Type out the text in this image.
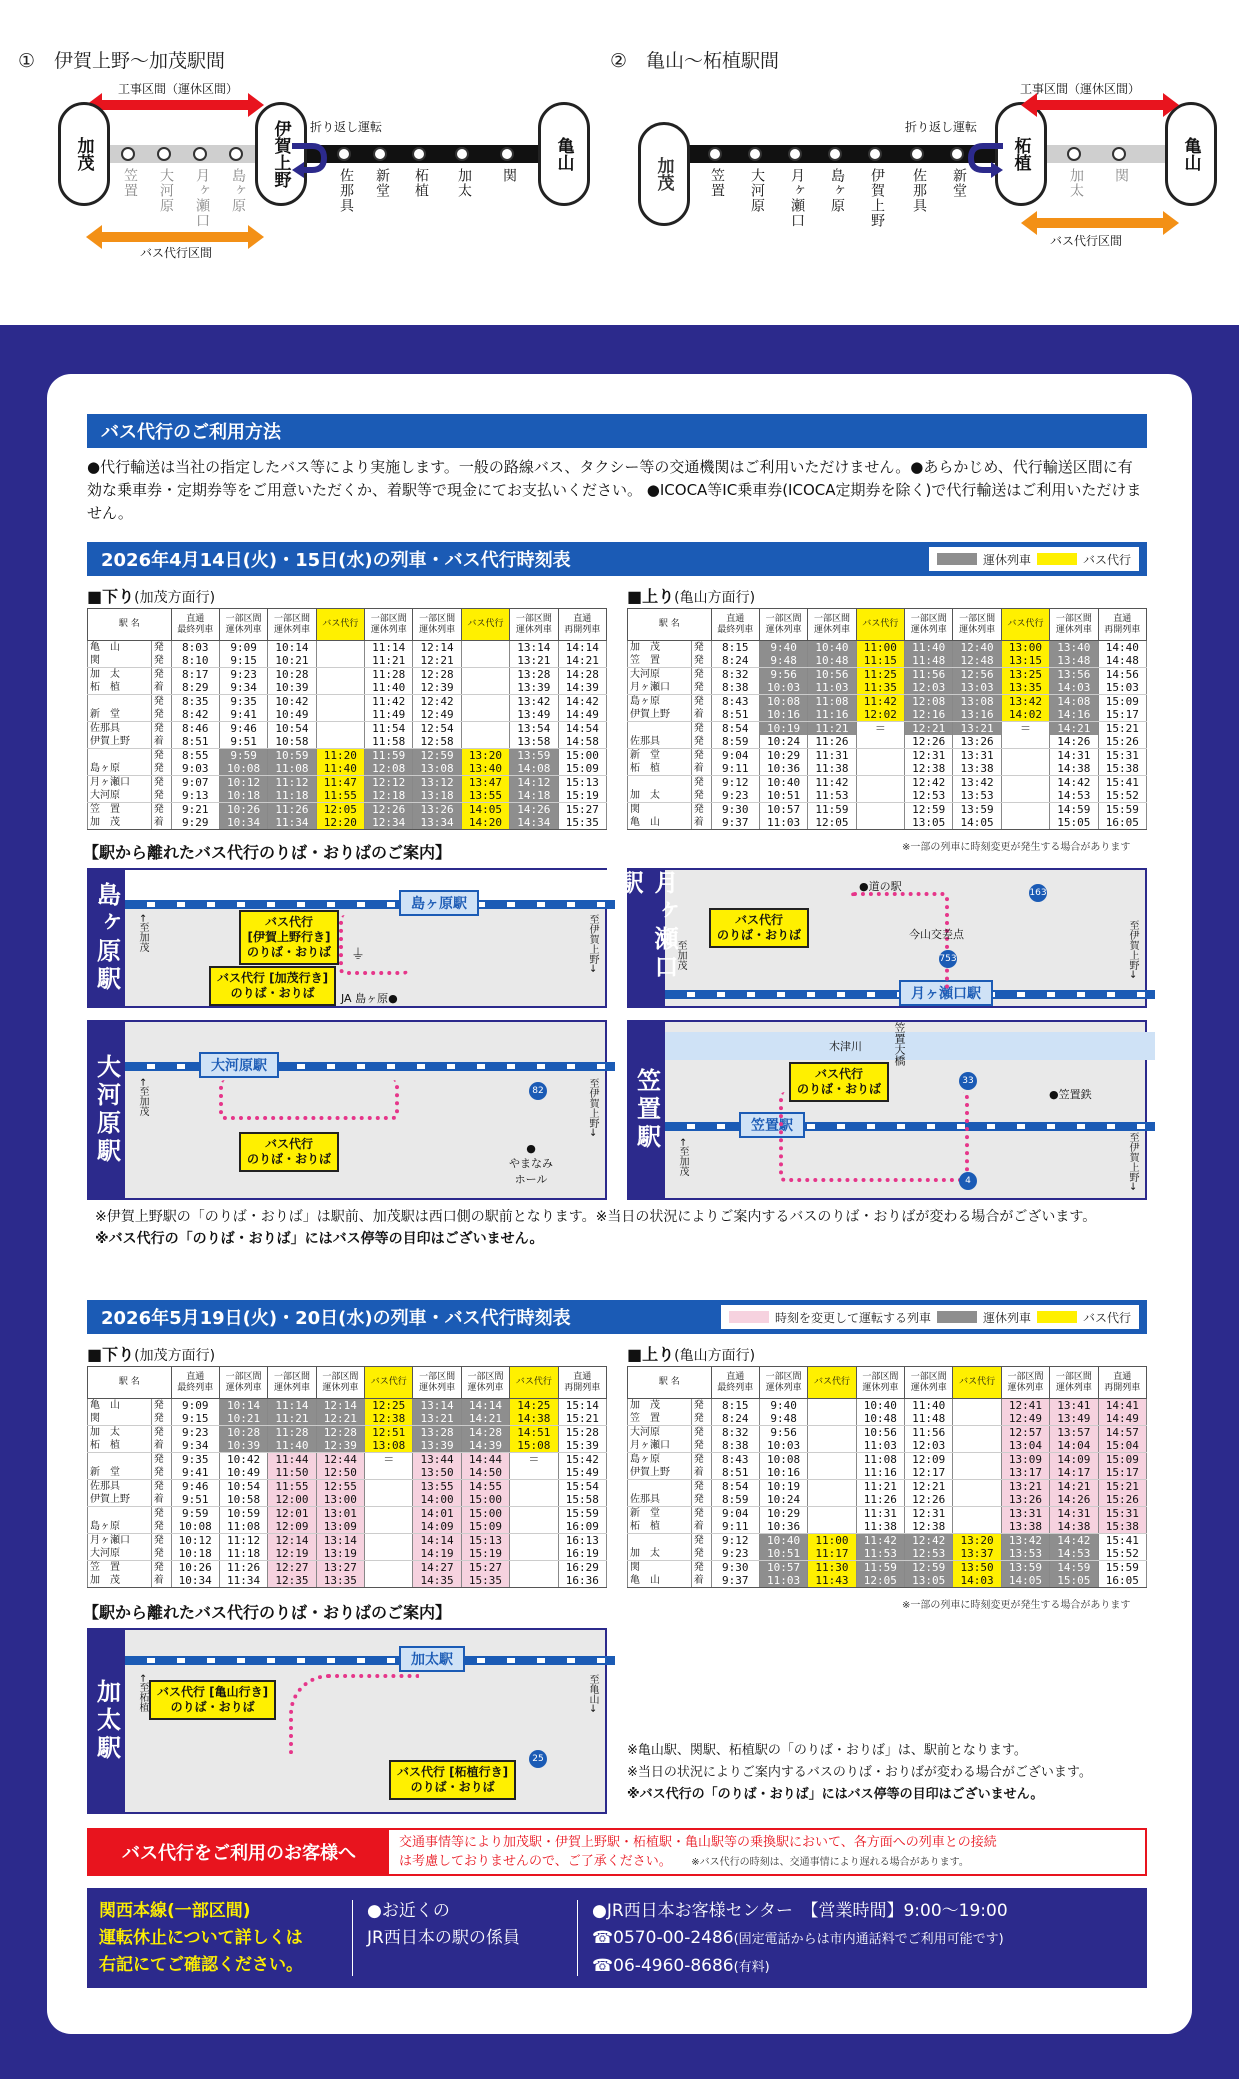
①　伊賀上野〜加茂駅間
工事区間（運休区間）
加茂	伊賀上野	亀山
笠置 大河原 月ヶ瀬口 島ヶ原
折り返し運転
佐那具 新堂 柘植 加太 関
バス代行区間
②　亀山〜柘植駅間
加茂
柘植	亀山
笠置 大河原 月ヶ瀬口 島ヶ原 伊賀上野 佐那具 新堂
折り返し運転
加太 関
工事区間（運休区間）
バス代行区間
バス代行のご利用方法
●代行輸送は当社の指定したバス等により実施します。一般の路線バス、タクシー等の交通機関はご利用いただけません。●あらかじめ、代行輸送区間に有効な乗車券・定期券等をご用意いただくか、着駅等で現金にてお支払いください。 ●ICOCA等IC乗車券(ICOCA定期券を除く)で代行輸送はご利用いただけません。
2026年4月14日(火)・15日(水)の列車・バス代行時刻表	運休列車	バス代行
■下り(加茂方面行)	■上り(亀山方面行)
駅 名		直通
最終列車	一部区間
運休列車	一部区間
運休列車	バス代行	一部区間
運休列車	一部区間
運休列車	バス代行	一部区間
運休列車	直通
再開列車
亀　山	発	8:03	9:09	10:14		11:14	12:14		13:14	14:14
関	発	8:10	9:15	10:21		11:21	12:21		13:21	14:21
加　太	発	8:17	9:23	10:28		11:28	12:28		13:28	14:28
柘　植	着	8:29	9:34	10:39		11:40	12:39		13:39	14:39
	発	8:35	9:35	10:42		11:42	12:42		13:42	14:42
新　堂	発	8:42	9:41	10:49		11:49	12:49		13:49	14:49
佐那具	発	8:46	9:46	10:54		11:54	12:54		13:54	14:54
伊賀上野	着	8:51	9:51	10:58		11:58	12:58		13:58	14:58
	発	8:55	9:59	10:59	11:20	11:59	12:59	13:20	13:59	15:00
島ヶ原	発	9:03	10:08	11:08	11:40	12:08	13:08	13:40	14:08	15:09
月ヶ瀬口	発	9:07	10:12	11:12	11:47	12:12	13:12	13:47	14:12	15:13
大河原	発	9:13	10:18	11:18	11:55	12:18	13:18	13:55	14:18	15:19
笠　置	発	9:21	10:26	11:26	12:05	12:26	13:26	14:05	14:26	15:27
加　茂	着	9:29	10:34	11:34	12:20	12:34	13:34	14:20	14:34	15:35
駅 名		直通
最終列車	一部区間
運休列車	一部区間
運休列車	バス代行	一部区間
運休列車	一部区間
運休列車	バス代行	一部区間
運休列車	直通
再開列車
加　茂	発	8:15	9:40	10:40	11:00	11:40	12:40	13:00	13:40	14:40
笠　置	発	8:24	9:48	10:48	11:15	11:48	12:48	13:15	13:48	14:48
大河原	発	8:32	9:56	10:56	11:25	11:56	12:56	13:25	13:56	14:56
月ヶ瀬口	発	8:38	10:03	11:03	11:35	12:03	13:03	13:35	14:03	15:03
島ヶ原	発	8:43	10:08	11:08	11:42	12:08	13:08	13:42	14:08	15:09
伊賀上野	着	8:51	10:16	11:16	12:02	12:16	13:16	14:02	14:16	15:17
	発	8:54	10:19	11:21	＝	12:21	13:21	＝	14:21	15:21
佐那具	発	8:59	10:24	11:26		12:26	13:26		14:26	15:26
新　堂	発	9:04	10:29	11:31		12:31	13:31		14:31	15:31
柘　植	着	9:11	10:36	11:38		12:38	13:38		14:38	15:38
	発	9:12	10:40	11:42		12:42	13:42		14:42	15:41
加　太	発	9:23	10:51	11:53		12:53	13:53		14:53	15:52
関	発	9:30	10:57	11:59		12:59	13:59		14:59	15:59
亀　山	着	9:37	11:03	12:05		13:05	14:05		15:05	16:05
※一部の列車に時刻変更が発生する場合があります
【駅から離れたバス代行のりば・おりばのご案内】
島ヶ原駅	島ヶ原駅
←至加茂	至伊賀上野→
バス代行
[伊賀上野行き]
のりば・おりば
バス代行 [加茂行き]
のりば・おりば
⏚
JA 島ヶ原●
月ヶ瀬口駅
月ヶ瀬口駅
至加茂	至伊賀上野→
バス代行
のりば・おりば
●道の駅
今山交差点
163
753
大河原駅	大河原駅
←至加茂	至伊賀上野→
バス代行
のりば・おりば
●
やまなみ
ホール
82	笠置駅
木津川	笠置大橋
笠置駅
←至加茂	至伊賀上野→
バス代行
のりば・おりば	●笠置鉄
33
4
※伊賀上野駅の「のりば・おりば」は駅前、加茂駅は西口側の駅前となります。※当日の状況によりご案内するバスのりば・おりばが変わる場合がございます。
※バス代行の「のりば・おりば」にはバス停等の目印はございません。
2026年5月19日(火)・20日(水)の列車・バス代行時刻表	時刻を変更して運転する列車	運休列車	バス代行
■下り(加茂方面行)	■上り(亀山方面行)
駅 名		直通
最終列車	一部区間
運休列車	一部区間
運休列車	一部区間
運休列車	バス代行	一部区間
運休列車	一部区間
運休列車	バス代行	直通
再開列車
亀　山	発	9:09	10:14	11:14	12:14	12:25	13:14	14:14	14:25	15:14
関	発	9:15	10:21	11:21	12:21	12:38	13:21	14:21	14:38	15:21
加　太	発	9:23	10:28	11:28	12:28	12:51	13:28	14:28	14:51	15:28
柘　植	着	9:34	10:39	11:40	12:39	13:08	13:39	14:39	15:08	15:39
	発	9:35	10:42	11:44	12:44	＝	13:44	14:44	＝	15:42
新　堂	発	9:41	10:49	11:50	12:50		13:50	14:50		15:49
佐那具	発	9:46	10:54	11:55	12:55		13:55	14:55		15:54
伊賀上野	着	9:51	10:58	12:00	13:00		14:00	15:00		15:58
	発	9:59	10:59	12:01	13:01		14:01	15:00		15:59
島ヶ原	発	10:08	11:08	12:09	13:09		14:09	15:09		16:09
月ヶ瀬口	発	10:12	11:12	12:14	13:14		14:14	15:13		16:13
大河原	発	10:18	11:18	12:19	13:19		14:19	15:19		16:19
笠　置	発	10:26	11:26	12:27	13:27		14:27	15:27		16:29
加　茂	着	10:34	11:34	12:35	13:35		14:35	15:35		16:36
駅 名		直通
最終列車	一部区間
運休列車	バス代行	一部区間
運休列車	一部区間
運休列車	バス代行	一部区間
運休列車	一部区間
運休列車	直通
再開列車
加　茂	発	8:15	9:40		10:40	11:40		12:41	13:41	14:41
笠　置	発	8:24	9:48		10:48	11:48		12:49	13:49	14:49
大河原	発	8:32	9:56		10:56	11:56		12:57	13:57	14:57
月ヶ瀬口	発	8:38	10:03		11:03	12:03		13:04	14:04	15:04
島ヶ原	発	8:43	10:08		11:08	12:09		13:09	14:09	15:09
伊賀上野	着	8:51	10:16		11:16	12:17		13:17	14:17	15:17
	発	8:54	10:19		11:21	12:21		13:21	14:21	15:21
佐那具	発	8:59	10:24		11:26	12:26		13:26	14:26	15:26
新　堂	発	9:04	10:29		11:31	12:31		13:31	14:31	15:31
柘　植	着	9:11	10:36		11:38	12:38		13:38	14:38	15:38
	発	9:12	10:40	11:00	11:42	12:42	13:20	13:42	14:42	15:41
加　太	発	9:23	10:51	11:17	11:53	12:53	13:37	13:53	14:53	15:52
関	発	9:30	10:57	11:30	11:59	12:59	13:50	13:59	14:59	15:59
亀　山	着	9:37	11:03	11:43	12:05	13:05	14:03	14:05	15:05	16:05
※一部の列車に時刻変更が発生する場合があります
【駅から離れたバス代行のりば・おりばのご案内】
加太駅
加太駅
←至柘植	至亀山→
バス代行 [亀山行き]
のりば・おりば
バス代行 [柘植行き]
のりば・おりば
25
※亀山駅、関駅、柘植駅の「のりば・おりば」は、駅前となります。
※当日の状況によりご案内するバスのりば・おりばが変わる場合がございます。
※バス代行の「のりば・おりば」にはバス停等の目印はございません。
バス代行をご利用のお客様へ
交通事情等により加茂駅・伊賀上野駅・柘植駅・亀山駅等の乗換駅において、各方面への列車との接続
は考慮しておりませんので、ご了承ください。　　	※バス代行の時刻は、交通事情により遅れる場合があります。
関西本線(一部区間)
運転休止について詳しくは
右記にてご確認ください。
●お近くの
JR西日本の駅の係員
●JR西日本お客様センター　【営業時間】9:00〜19:00
☎0570-00-2486(固定電話からは市内通話料でご利用可能です)
☎06-4960-8686(有料)
